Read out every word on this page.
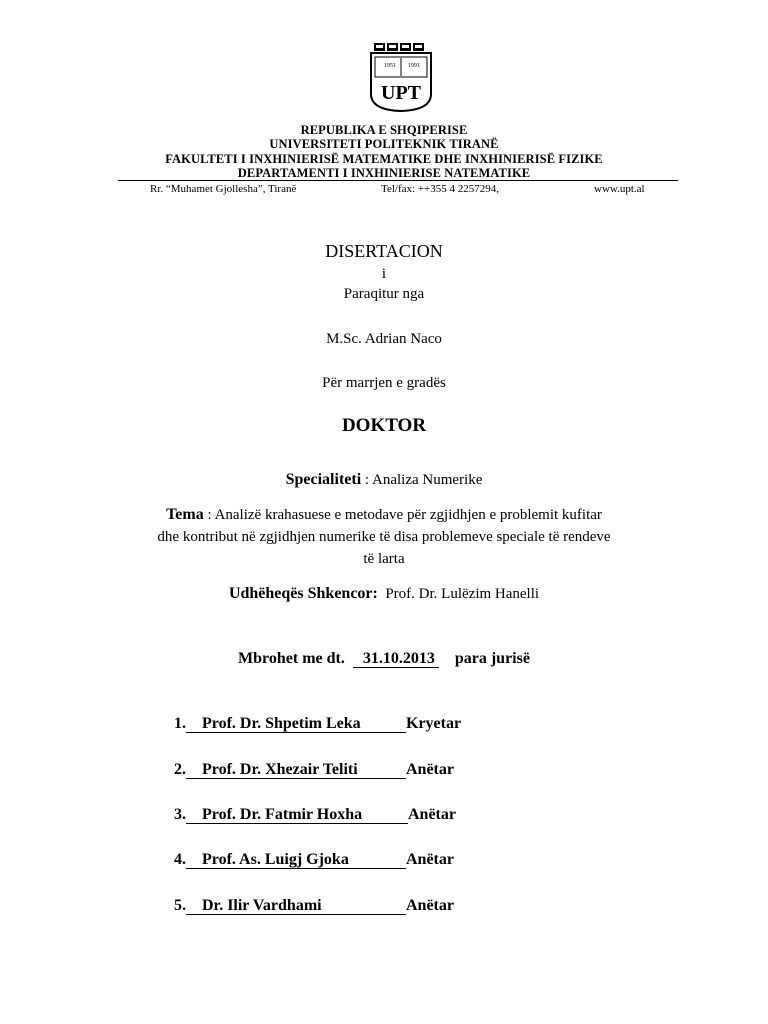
1951 1991
UPT
REPUBLIKA E SHQIPERISE
UNIVERSITETI POLITEKNIK TIRANË
FAKULTETI I INXHINIERISË MATEMATIKE DHE INXHINIERISË FIZIKE
DEPARTAMENTI I INXHINIERISE NATEMATIKE
Rr. “Muhamet Gjollesha”, Tiranë	Tel/fax: ++355 4 2257294,	www.upt.al
DISERTACION
i
Paraqitur nga
M.Sc. Adrian Naco
Për marrjen e gradës
DOKTOR
Specialiteti : Analiza Numerike
Tema : Analizë krahasuese e metodave për zgjidhjen e problemit kufitar
dhe kontribut në zgjidhjen numerike të disa problemeve speciale të rendeve
të larta
Udhëheqës Shkencor: Prof. Dr. Lulëzim Hanelli
Mbrohet me dt. 31.10.2013 para jurisë
1. Prof. Dr. Shpetim Leka	Kryetar
2. Prof. Dr. Xhezair Teliti	Anëtar
3. Prof. Dr. Fatmir Hoxha	Anëtar
4. Prof. As. Luigj Gjoka	Anëtar
5. Dr. Ilir Vardhami	Anëtar
